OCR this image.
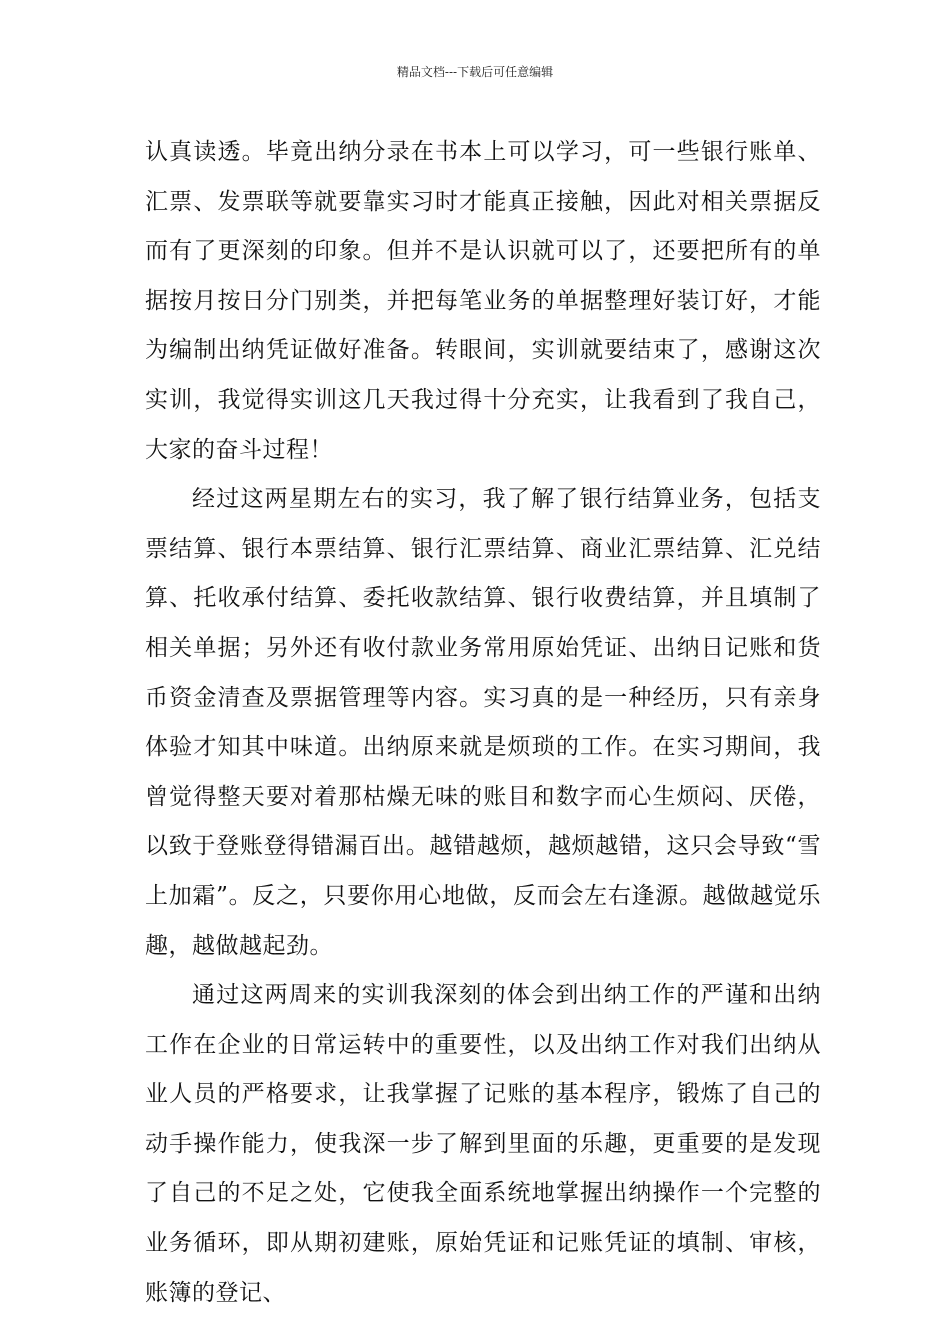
精品文档---下载后可任意编辑

认真读透。毕竟出纳分录在书本上可以学习，可一些银行账单、汇票、发票联等就要靠实习时才能真正接触，因此对相关票据反而有了更深刻的印象。但并不是认识就可以了，还要把所有的单据按月按日分门别类，并把每笔业务的单据整理好装订好，才能为编制出纳凭证做好准备。转眼间，实训就要结束了，感谢这次实训，我觉得实训这几天我过得十分充实，让我看到了我自己，大家的奋斗过程！

经过这两星期左右的实习，我了解了银行结算业务，包括支票结算、银行本票结算、银行汇票结算、商业汇票结算、汇兑结算、托收承付结算、委托收款结算、银行收费结算，并且填制了相关单据；另外还有收付款业务常用原始凭证、出纳日记账和货币资金清查及票据管理等内容。实习真的是一种经历，只有亲身体验才知其中味道。出纳原来就是烦琐的工作。在实习期间，我曾觉得整天要对着那枯燥无味的账目和数字而心生烦闷、厌倦，以致于登账登得错漏百出。越错越烦，越烦越错，这只会导致“雪上加霜”。反之，只要你用心地做，反而会左右逢源。越做越觉乐趣，越做越起劲。

通过这两周来的实训我深刻的体会到出纳工作的严谨和出纳工作在企业的日常运转中的重要性，以及出纳工作对我们出纳从业人员的严格要求，让我掌握了记账的基本程序，锻炼了自己的动手操作能力，使我深一步了解到里面的乐趣，更重要的是发现了自己的不足之处，它使我全面系统地掌握出纳操作一个完整的业务循环，即从期初建账，原始凭证和记账凭证的填制、审核，账簿的登记、
